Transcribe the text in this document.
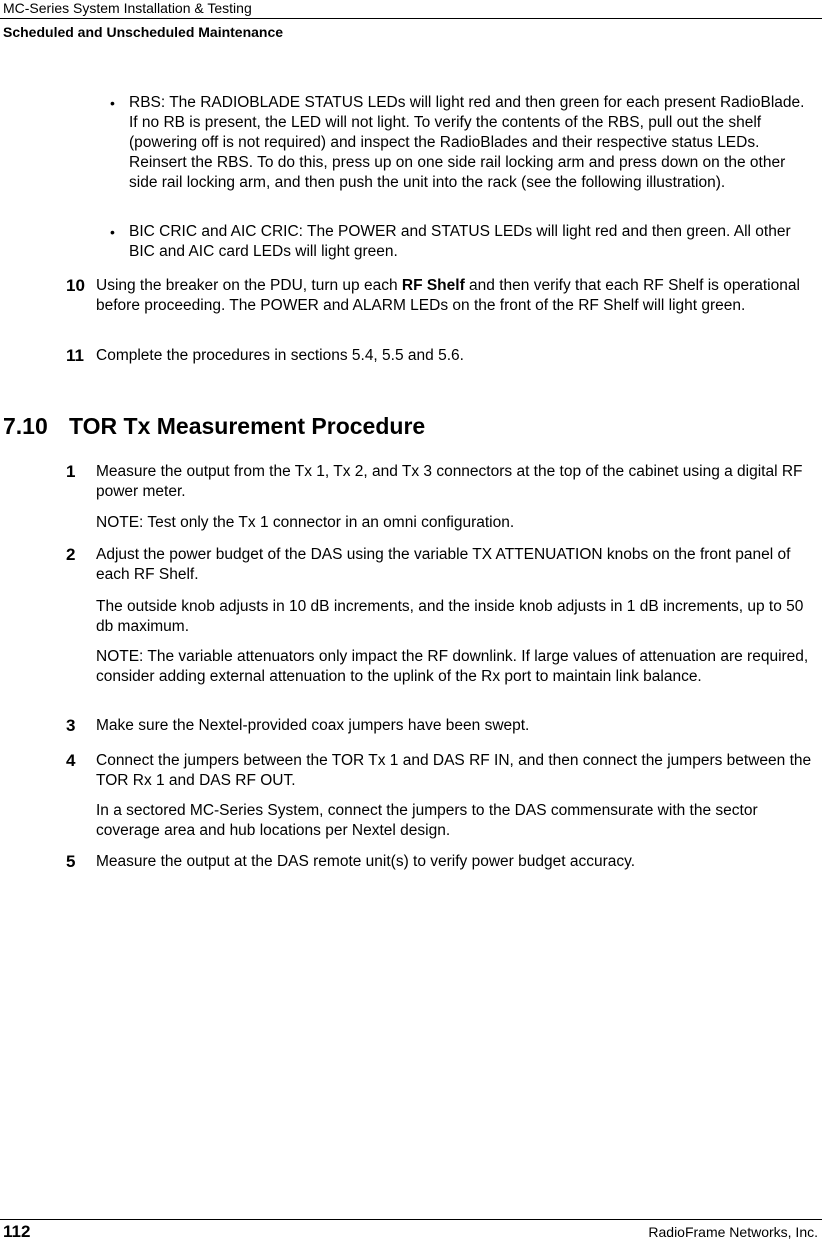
MC-Series System Installation & Testing
Scheduled and Unscheduled Maintenance
• RBS: The RADIOBLADE STATUS LEDs will light red and then green for each present RadioBlade. If no RB is present, the LED will not light. To verify the contents of the RBS, pull out the shelf (powering off is not required) and inspect the RadioBlades and their respective status LEDs. Reinsert the RBS. To do this, press up on one side rail locking arm and press down on the other side rail locking arm, and then push the unit into the rack (see the following illustration).

• BIC CRIC and AIC CRIC: The POWER and STATUS LEDs will light red and then green. All other BIC and AIC card LEDs will light green.

10 Using the breaker on the PDU, turn up each RF Shelf and then verify that each RF Shelf is operational before proceeding. The POWER and ALARM LEDs on the front of the RF Shelf will light green.

11 Complete the procedures in sections 5.4, 5.5 and 5.6.

7.10 TOR Tx Measurement Procedure
1 Measure the output from the Tx 1, Tx 2, and Tx 3 connectors at the top of the cabinet using a digital RF power meter.

NOTE: Test only the Tx 1 connector in an omni configuration.

2 Adjust the power budget of the DAS using the variable TX ATTENUATION knobs on the front panel of each RF Shelf.

The outside knob adjusts in 10 dB increments, and the inside knob adjusts in 1 dB increments, up to 50 db maximum.

NOTE: The variable attenuators only impact the RF downlink. If large values of attenuation are required, consider adding external attenuation to the uplink of the Rx port to maintain link balance.

3 Make sure the Nextel-provided coax jumpers have been swept.

4 Connect the jumpers between the TOR Tx 1 and DAS RF IN, and then connect the jumpers between the TOR Rx 1 and DAS RF OUT.

In a sectored MC-Series System, connect the jumpers to the DAS commensurate with the sector coverage area and hub locations per Nextel design.

5 Measure the output at the DAS remote unit(s) to verify power budget accuracy.

112	RadioFrame Networks, Inc.
